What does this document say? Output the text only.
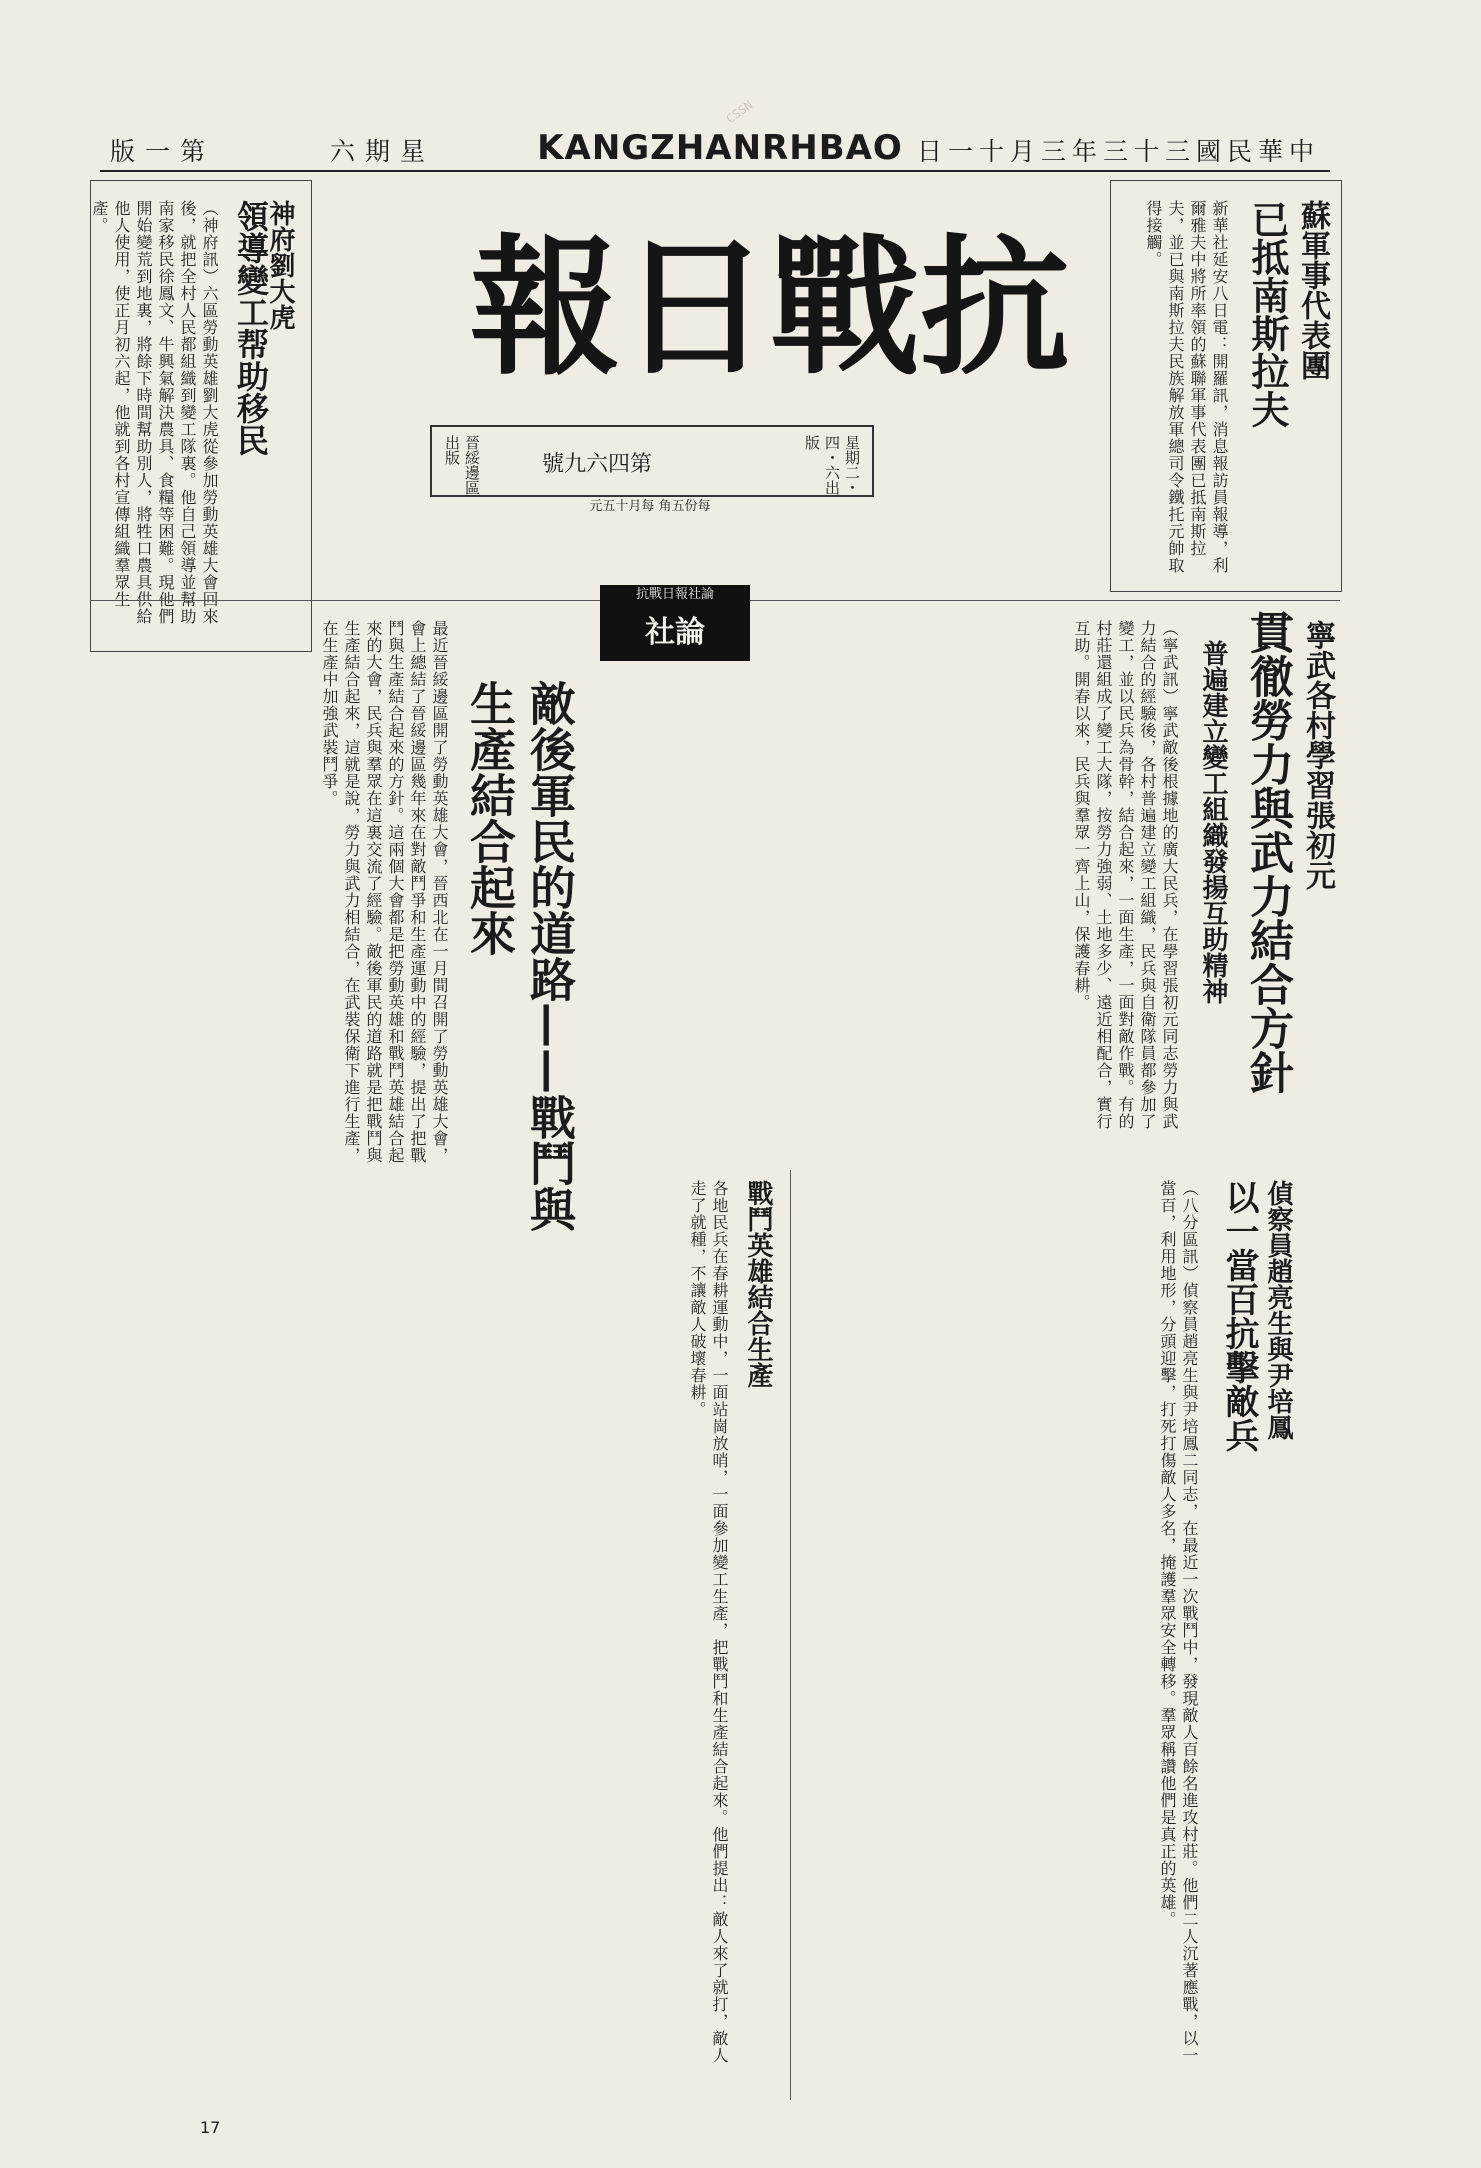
第一版	星期六	KANGZHANRHBAO 中華民國三十三年三月十一日
CSSN
抗戰日報
晉綏邊區 出版	第四六九號	星期二・四・六出版
每份五角 每月十五元
蘇軍事代表團
已抵南斯拉夫
新華社延安八日電：開羅訊，消息報訪員報導，利爾雅夫中將所率領的蘇聯軍事代表團已抵南斯拉夫，並已與南斯拉夫民族解放軍總司令鐵托元帥取得接觸。
神府劉大虎
領導變工帮助移民
（神府訊）六區勞動英雄劉大虎從參加勞動英雄大會回來後，就把全村人民都組織到變工隊裏。他自己領導並幫助南家移民徐鳳文、牛興氣解決農具、食糧等困難。現他們開始變荒到地裏，將餘下時間幫助別人，將牲口農具供給他人使用，使正月初六起，他就到各村宣傳組織羣眾生產。
寧武各村學習張初元
貫徹勞力與武力結合方針
普遍建立變工組織發揚互助精神
（寧武訊）寧武敵後根據地的廣大民兵，在學習張初元同志勞力與武力結合的經驗後，各村普遍建立變工組織，民兵與自衛隊員都參加了變工，並以民兵為骨幹，結合起來，一面生產，一面對敵作戰。有的村莊還組成了變工大隊，按勞力強弱、土地多少、遠近相配合，實行互助。開春以來，民兵與羣眾一齊上山，保護春耕。
抗戰日報社論
社論
敵後軍民的道路——戰鬥與生產結合起來
最近晉綏邊區開了勞動英雄大會，晉西北在一月間召開了勞動英雄大會，會上總結了晉綏邊區幾年來在對敵鬥爭和生產運動中的經驗，提出了把戰鬥與生產結合起來的方針。這兩個大會都是把勞動英雄和戰鬥英雄結合起來的大會，民兵與羣眾在這裏交流了經驗。敵後軍民的道路就是把戰鬥與生產結合起來，這就是說，勞力與武力相結合，在武裝保衛下進行生產，在生產中加強武裝鬥爭。
偵察員趙亮生與尹培鳳
以一當百抗擊敵兵
（八分區訊）偵察員趙亮生與尹培鳳二同志，在最近一次戰鬥中，發現敵人百餘名進攻村莊。他們二人沉著應戰，以一當百，利用地形，分頭迎擊，打死打傷敵人多名，掩護羣眾安全轉移。羣眾稱讚他們是真正的英雄。
戰鬥英雄結合生產
各地民兵在春耕運動中，一面站崗放哨，一面參加變工生產，把戰鬥和生產結合起來。他們提出：敵人來了就打，敵人走了就種，不讓敵人破壞春耕。
17
